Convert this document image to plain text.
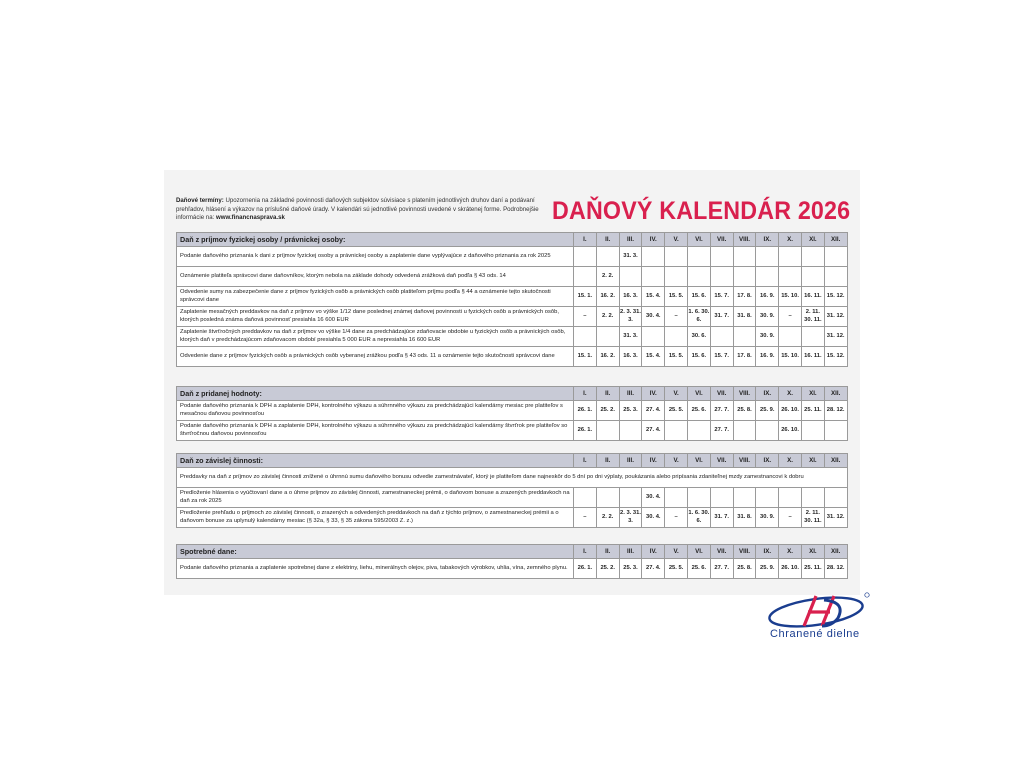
Daňové termíny: Upozornenia na základné povinnosti daňových subjektov súvisiace s platením jednotlivých druhov daní a podávaní prehľadov, hlásení a výkazov na príslušné daňové úrady. V kalendári sú jednotlivé povinnosti uvedené v skrátenej forme. Podrobnejšie informácie na: www.financnasprava.sk	DAŇOVÝ KALENDÁR 2026
Daň z príjmov fyzickej osoby / právnickej osoby:	I.	II.	III.	IV.	V.	VI.	VII.	VIII.	IX.	X.	XI.	XII.
Podanie daňového priznania k dani z príjmov fyzickej osoby a právnickej osoby a zaplatenie dane vyplývajúce z daňového priznania za rok 2025			31. 3.									
Oznámenie platiteľa správcovi dane daňovníkov, ktorým nebola na základe dohody odvedená zrážková daň podľa § 43 ods. 14		2. 2.										
Odvedenie sumy na zabezpečenie dane z príjmov fyzických osôb a právnických osôb platiteľom príjmu podľa § 44 a oznámenie tejto skutočnosti správcovi dane	15. 1.	16. 2.	16. 3.	15. 4.	15. 5.	15. 6.	15. 7.	17. 8.	16. 9.	15. 10.	16. 11.	15. 12.
Zaplatenie mesačných preddavkov na daň z príjmov vo výške 1/12 dane poslednej známej daňovej povinnosti u fyzických osôb a právnických osôb, ktorých posledná známa daňová povinnosť presiahla 16 600 EUR	–	2. 2.	2. 3. 31. 3.	30. 4.	–	1. 6. 30. 6.	31. 7.	31. 8.	30. 9.	–	2. 11. 30. 11.	31. 12.
Zaplatenie štvrťročných preddavkov na daň z príjmov vo výške 1/4 dane za predchádzajúce zdaňovacie obdobie u fyzických osôb a právnických osôb, ktorých daň v predchádzajúcom zdaňovacom období presiahla 5 000 EUR a nepresiahla 16 600 EUR			31. 3.			30. 6.			30. 9.			31. 12.
Odvedenie dane z príjmov fyzických osôb a právnických osôb vyberanej zrážkou podľa § 43 ods. 11 a oznámenie tejto skutočnosti správcovi dane	15. 1.	16. 2.	16. 3.	15. 4.	15. 5.	15. 6.	15. 7.	17. 8.	16. 9.	15. 10.	16. 11.	15. 12.
Daň z pridanej hodnoty:	I.	II.	III.	IV.	V.	VI.	VII.	VIII.	IX.	X.	XI.	XII.
Podanie daňového priznania k DPH a zaplatenie DPH, kontrolného výkazu a súhrnného výkazu za predchádzajúci kalendárny mesiac pre platiteľov s mesačnou daňovou povinnosťou	26. 1.	25. 2.	25. 3.	27. 4.	25. 5.	25. 6.	27. 7.	25. 8.	25. 9.	26. 10.	25. 11.	28. 12.
Podanie daňového priznania k DPH a zaplatenie DPH, kontrolného výkazu a súhrnného výkazu za predchádzajúci kalendárny štvrťrok pre platiteľov so štvrťročnou daňovou povinnosťou	26. 1.			27. 4.			27. 7.			26. 10.		
Daň zo závislej činnosti:	I.	II.	III.	IV.	V.	VI.	VII.	VIII.	IX.	X.	XI.	XII.
Preddavky na daň z príjmov zo závislej činnosti znížené o úhrnnú sumu daňového bonusu odvedie zamestnávateľ, ktorý je platiteľom dane najneskôr do 5 dní po dni výplaty, poukázania alebo pripísania zdaniteľnej mzdy zamestnancovi k dobru												
Predloženie hlásenia o vyúčtovaní dane a o úhrne príjmov zo závislej činnosti, zamestnaneckej prémii, o daňovom bonuse a zrazených preddavkoch na daň za rok 2025				30. 4.								
Predloženie prehľadu o príjmoch zo závislej činnosti, o zrazených a odvedených preddavkoch na daň z týchto príjmov, o zamestnaneckej prémii a o daňovom bonuse za uplynulý kalendárny mesiac (§ 32a, § 33, § 35 zákona 595/2003 Z. z.)	–	2. 2.	2. 3. 31. 3.	30. 4.	–	1. 6. 30. 6.	31. 7.	31. 8.	30. 9.	–	2. 11. 30. 11.	31. 12.
Spotrebné dane:	I.	II.	III.	IV.	V.	VI.	VII.	VIII.	IX.	X.	XI.	XII.
Podanie daňového priznania a zaplatenie spotrebnej dane z elektriny, liehu, minerálnych olejov, piva, tabakových výrobkov, uhlia, vína, zemného plynu.	26. 1.	25. 2.	25. 3.	27. 4.	25. 5.	25. 6.	27. 7.	25. 8.	25. 9.	26. 10.	25. 11.	28. 12.
Chranené dielne
